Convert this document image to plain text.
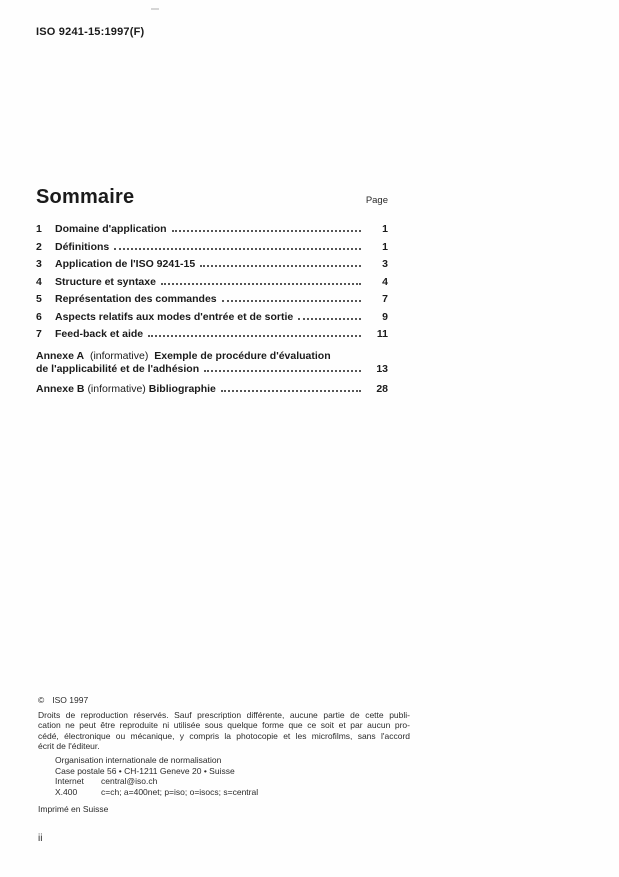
ISO 9241-15:1997(F)
Sommaire	Page
1	Domaine d'application	1
2	Définitions	1
3	Application de l'ISO 9241-15	3
4	Structure et syntaxe	4
5	Représentation des commandes	7
6	Aspects relatifs aux modes d'entrée et de sortie	9
7	Feed-back et aide	11
Annexe A (informative) Exemple de procédure d'évaluation
de l'applicabilité et de l'adhésion	13
Annexe B (informative) Bibliographie	28
© ISO 1997
Droits de reproduction réservés. Sauf prescription différente, aucune partie de cette publi-
cation ne peut être reproduite ni utilisée sous quelque forme que ce soit et par aucun pro-
cédé, électronique ou mécanique, y compris la photocopie et les microfilms, sans l'accord
écrit de l'éditeur.
Organisation internationale de normalisation
Case postale 56 • CH-1211 Geneve 20 • Suisse
Internet	central@iso.ch
X.400	c=ch; a=400net; p=iso; o=isocs; s=central
Imprimé en Suisse
ii
